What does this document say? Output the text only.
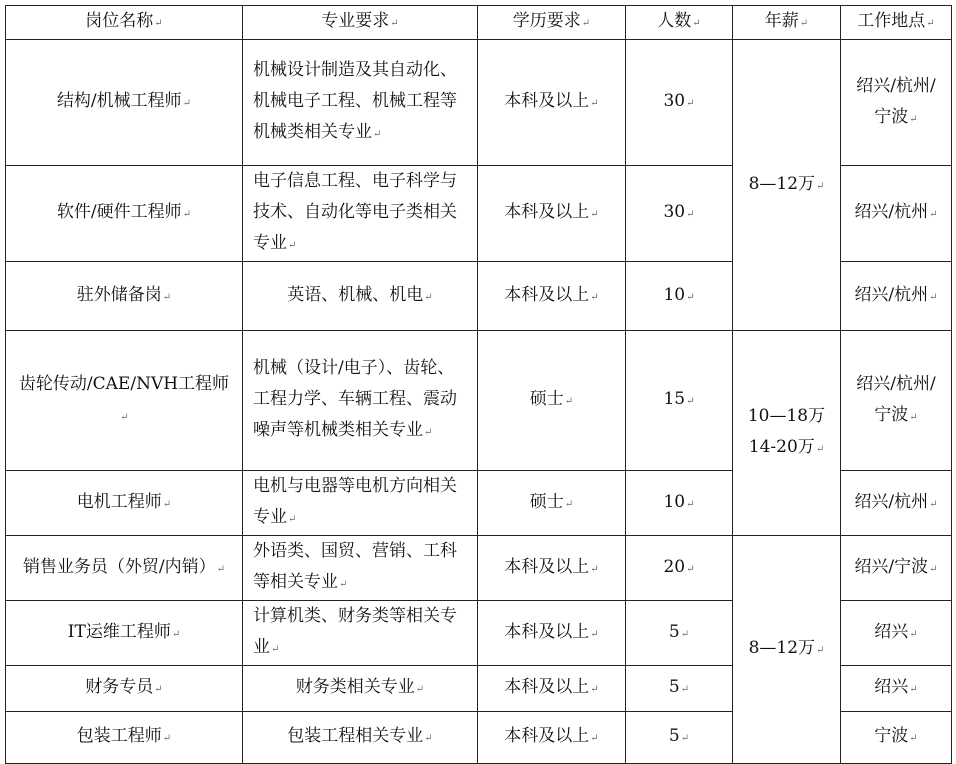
岗位名称↵	专业要求↵	学历要求↵	人数↵	年薪↵	工作地点↵
结构/机械工程师↵	机械设计制造及其自动化、机械电子工程、机械工程等机械类相关专业↵	本科及以上↵	30↵	8—12万↵	绍兴/杭州/宁波↵
软件/硬件工程师↵	电子信息工程、电子科学与技术、自动化等电子类相关专业↵	本科及以上↵	30↵		绍兴/杭州↵
驻外储备岗↵	英语、机械、机电↵	本科及以上↵	10↵		绍兴/杭州↵
齿轮传动/CAE/NVH工程师↵	机械（设计/电子）、齿轮、工程力学、车辆工程、震动噪声等机械类相关专业↵	硕士↵	15↵	10—18万
14-20万↵	绍兴/杭州/宁波↵
电机工程师↵	电机与电器等电机方向相关专业↵	硕士↵	10↵		绍兴/杭州↵
销售业务员（外贸/内销）↵	外语类、国贸、营销、工科等相关专业↵	本科及以上↵	20↵	8—12万↵	绍兴/宁波↵
IT运维工程师↵	计算机类、财务类等相关专业↵	本科及以上↵	5↵		绍兴↵
财务专员↵	财务类相关专业↵	本科及以上↵	5↵		绍兴↵
包装工程师↵	包装工程相关专业↵	本科及以上↵	5↵		宁波↵
